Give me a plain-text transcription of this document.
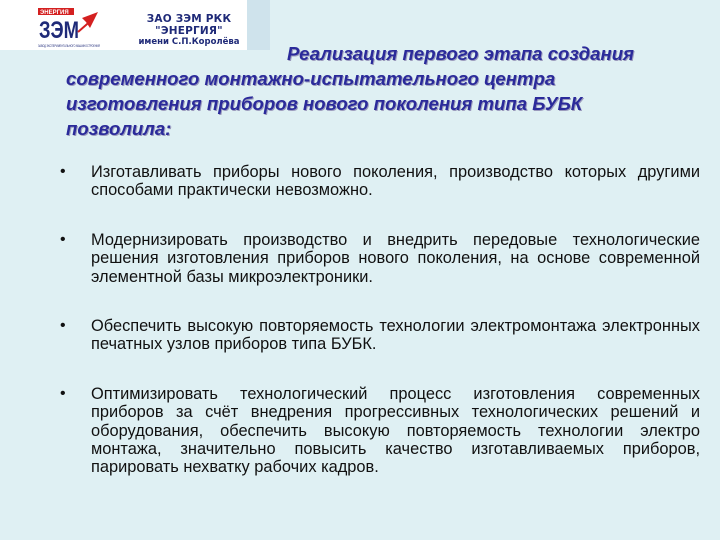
ЭНЕРГИЯ
ЗЭМ
ЗАВОД ЭКСПЕРИМЕНТАЛЬНОГО МАШИНОСТРОЕНИЯ
ЗАО ЗЭМ РКК "ЭНЕРГИЯ"
имени С.П.Королёва
Реализация первого этапа создания современного монтажно-испытательного центра изготовления приборов нового поколения типа БУБК позволила:
• Изготавливать приборы нового поколения, производство которых другими способами практически невозможно.
• Модернизировать производство и внедрить передовые технологические решения изготовления приборов нового поколения, на основе современной элементной базы микроэлектроники.
• Обеспечить высокую повторяемость технологии электромонтажа электронных печатных узлов приборов типа БУБК.
• Оптимизировать технологический процесс изготовления современных приборов за счёт внедрения прогрессивных технологических решений и оборудования, обеспечить высокую повторяемость технологии электро монтажа, значительно повысить качество изготавливаемых приборов, парировать нехватку рабочих кадров.
